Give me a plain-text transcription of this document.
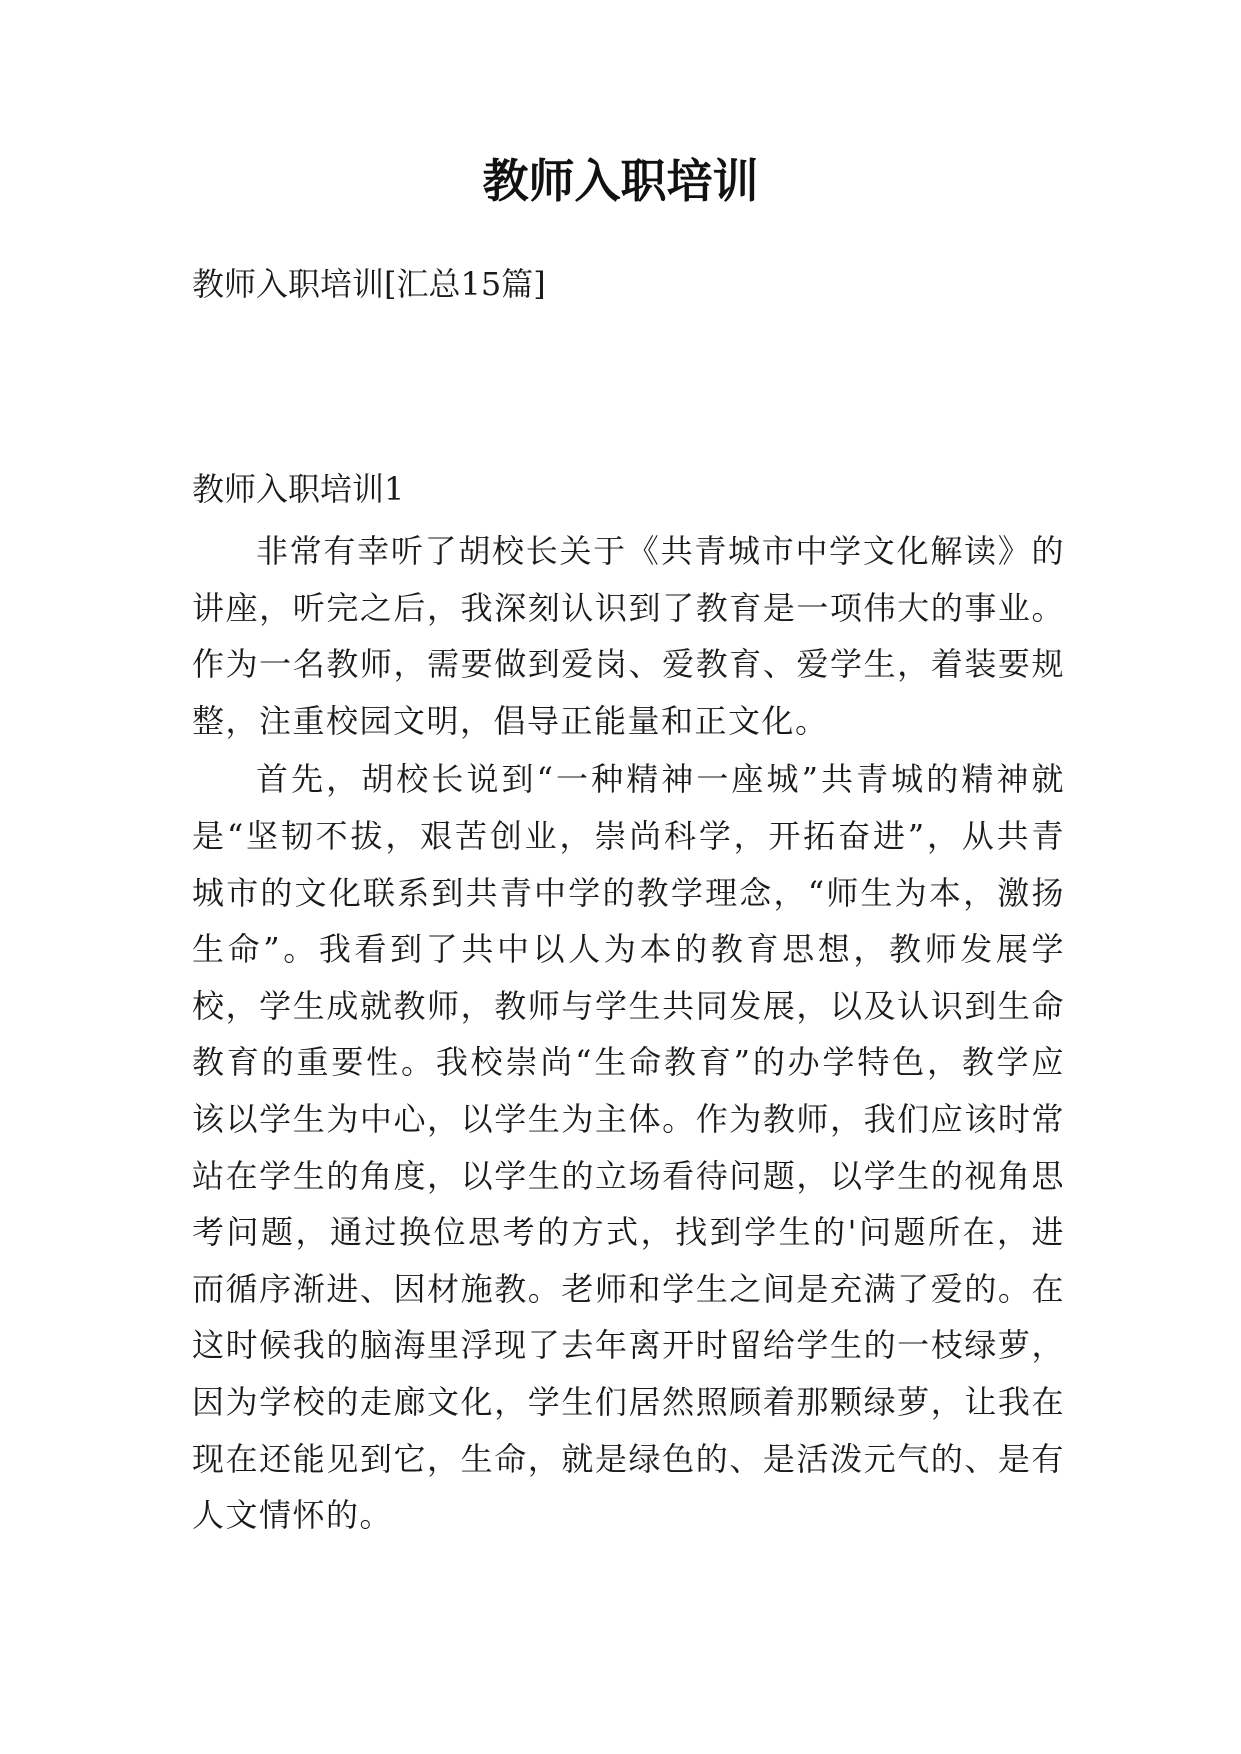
教师入职培训

教师入职培训[汇总15篇]

教师入职培训1

非常有幸听了胡校长关于《共青城市中学文化解读》的讲座，听完之后，我深刻认识到了教育是一项伟大的事业。作为一名教师，需要做到爱岗、爱教育、爱学生，着装要规整，注重校园文明，倡导正能量和正文化。

首先，胡校长说到“一种精神一座城”共青城的精神就是“坚韧不拔，艰苦创业，崇尚科学，开拓奋进”，从共青城市的文化联系到共青中学的教学理念，“师生为本，激扬生命”。我看到了共中以人为本的教育思想，教师发展学校，学生成就教师，教师与学生共同发展，以及认识到生命教育的重要性。我校崇尚“生命教育”的办学特色，教学应该以学生为中心，以学生为主体。作为教师，我们应该时常站在学生的角度，以学生的立场看待问题，以学生的视角思考问题，通过换位思考的方式，找到学生的'问题所在，进而循序渐进、因材施教。老师和学生之间是充满了爱的。在这时候我的脑海里浮现了去年离开时留给学生的一枝绿萝，因为学校的走廊文化，学生们居然照顾着那颗绿萝，让我在现在还能见到它，生命，就是绿色的、是活泼元气的、是有人文情怀的。
